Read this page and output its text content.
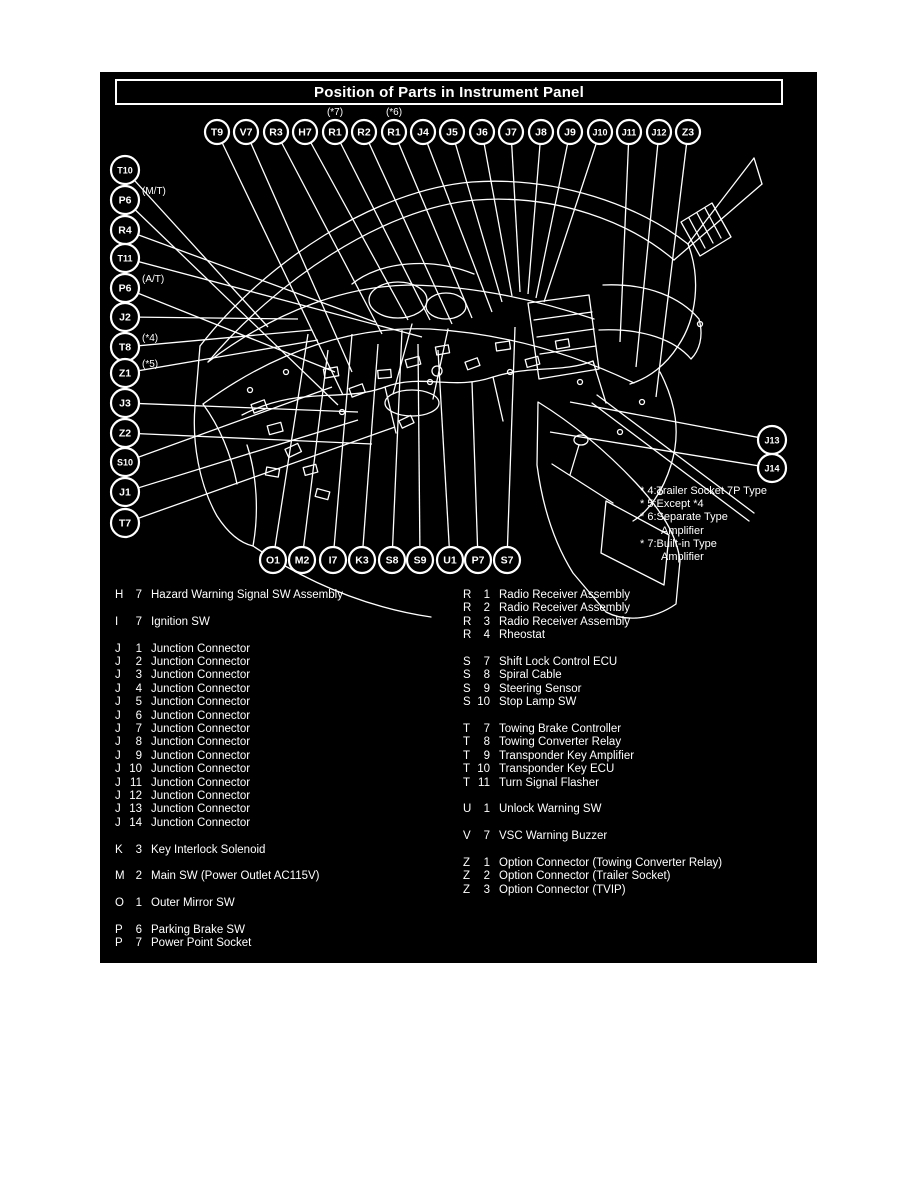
Position of Parts in Instrument Panel
T9 V7 R3 H7 R1
(*7)
R2 R1
(*6)
J4 J5 J6 J7 J8 J9 J10 J11 J12 Z3
T10
P6
(M/T)
R4
T11
P6
(A/T)
J2
T8
(*4)
Z1
(*5)
J3
Z2
S10
J1
T7
O1 M2 I7 K3 S8 S9 U1 P7 S7
J13
J14
* 4:Trailer Socket 7P Type
* 5:Except *4
* 6:Separate Type
Amplifier
* 7:Built-in Type
Amplifier
H	7 Hazard Warning Signal SW Assembly
I	7 Ignition SW
J	1 Junction Connector
J	2 Junction Connector
J	3 Junction Connector
J	4 Junction Connector
J	5 Junction Connector
J	6 Junction Connector
J	7 Junction Connector
J	8 Junction Connector
J	9 Junction Connector
J 10 Junction Connector
J 11 Junction Connector
J 12 Junction Connector
J 13 Junction Connector
J 14 Junction Connector
K	3 Key Interlock Solenoid
M 2 Main SW (Power Outlet AC115V)
O	1 Outer Mirror SW
P	6 Parking Brake SW
P	7 Power Point Socket
R	1 Radio Receiver Assembly
R	2 Radio Receiver Assembly
R	3 Radio Receiver Assembly
R	4 Rheostat
S	7 Shift Lock Control ECU
S	8 Spiral Cable
S	9 Steering Sensor
S 10 Stop Lamp SW
T	7 Towing Brake Controller
T	8 Towing Converter Relay
T	9 Transponder Key Amplifier
T 10 Transponder Key ECU
T 11 Turn Signal Flasher
U	1 Unlock Warning SW
V	7 VSC Warning Buzzer
Z	1 Option Connector (Towing Converter Relay)
Z	2 Option Connector (Trailer Socket)
Z	3 Option Connector (TVIP)
